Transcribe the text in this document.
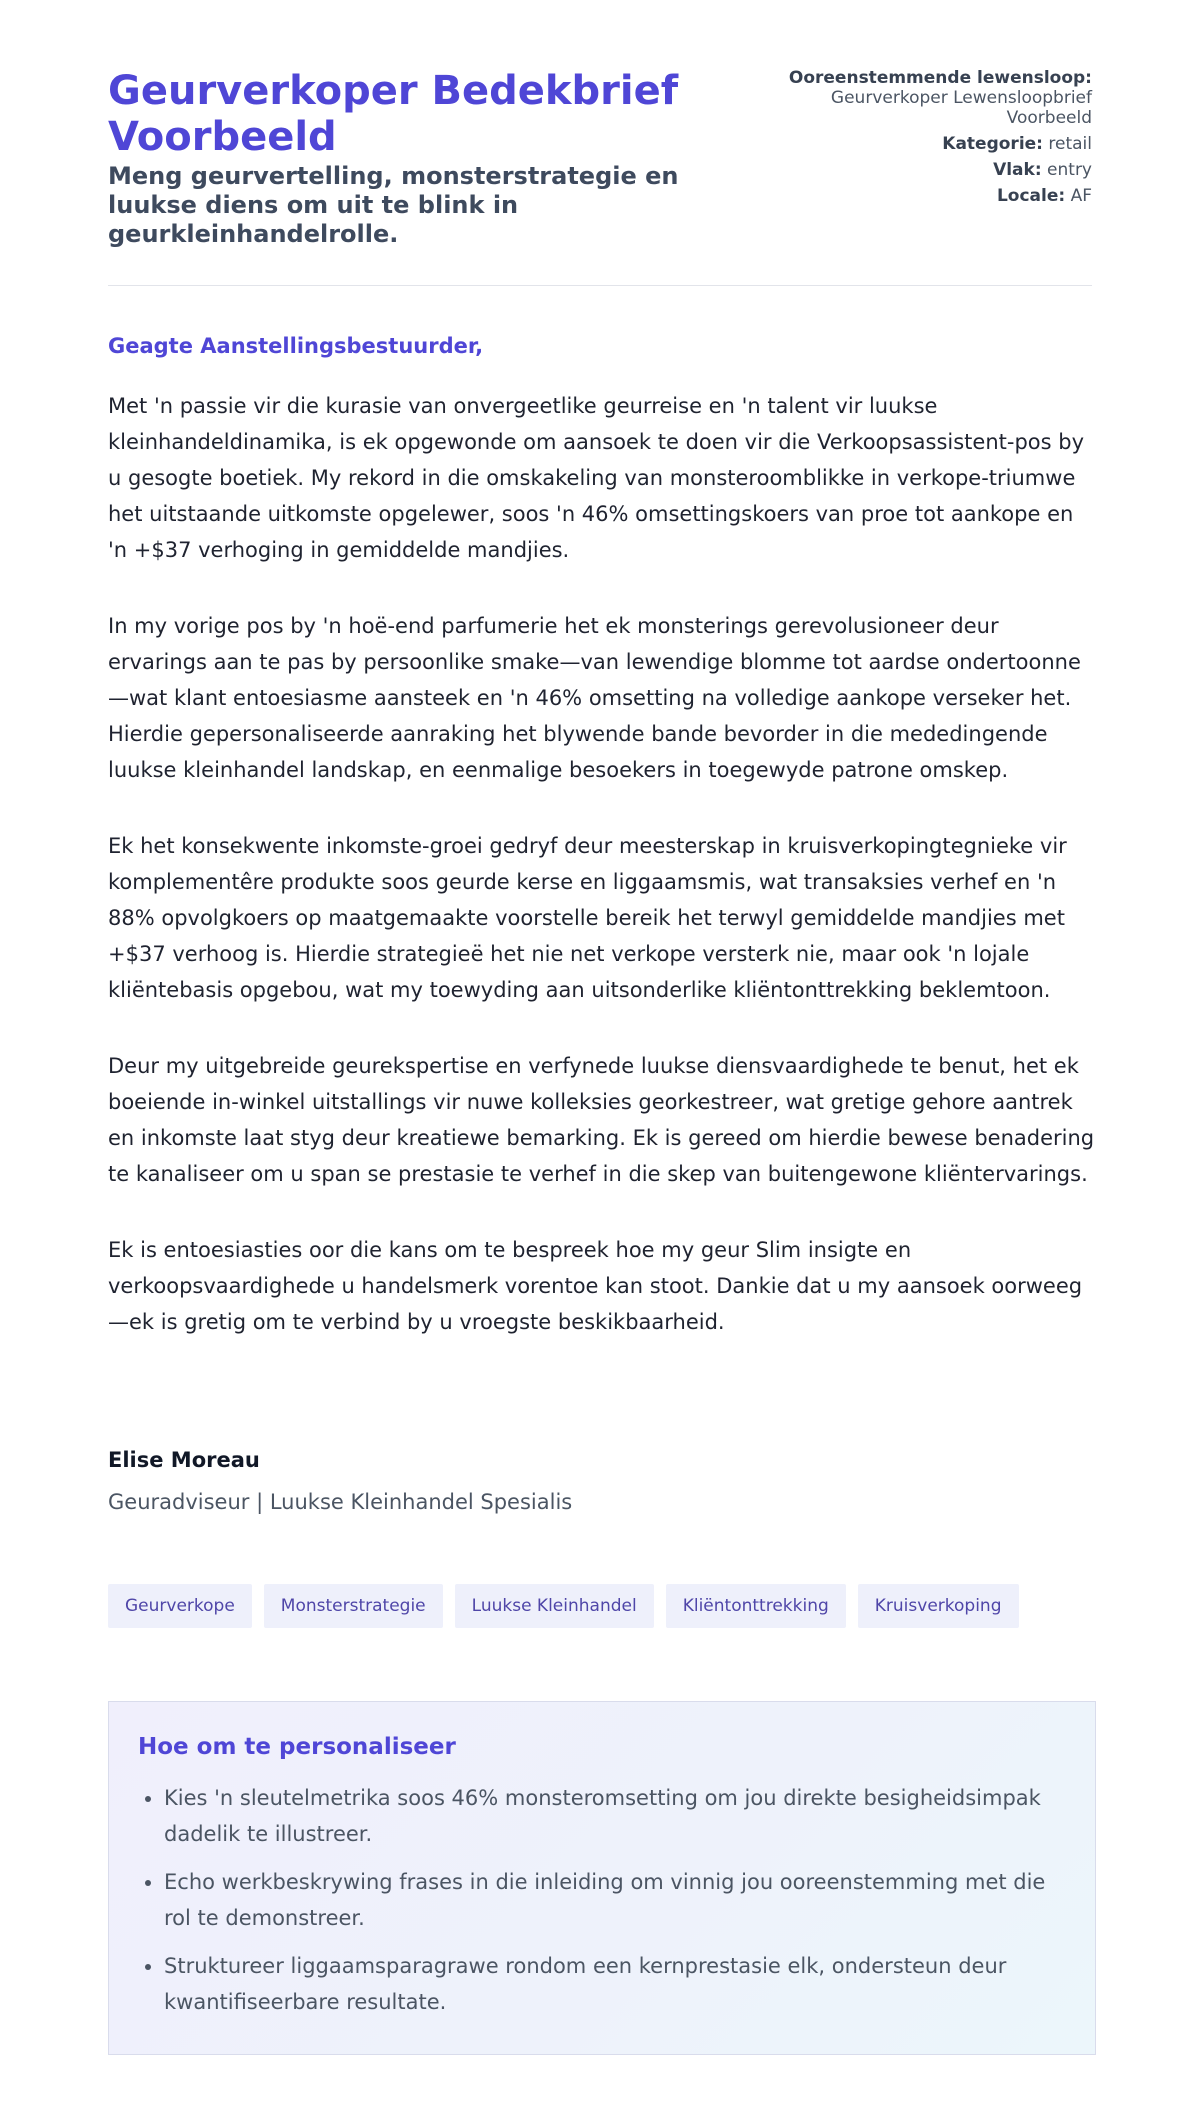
Geurverkoper Bedekbrief Voorbeeld
Meng geurvertelling, monsterstrategie en luukse diens om uit te blink in geurkleinhandelrolle.
Ooreenstemmende lewensloop:
Geurverkoper Lewensloopbrief Voorbeeld
Kategorie: retail
Vlak: entry
Locale: AF
Geagte Aanstellingsbestuurder,

Met 'n passie vir die kurasie van onvergeetlike geurreise en 'n talent vir luukse kleinhandeldinamika, is ek opgewonde om aansoek te doen vir die Verkoopsassistent-pos by u gesogte boetiek. My rekord in die omskakeling van monsteroomblikke in verkope-triumwe het uitstaande uitkomste opgelewer, soos 'n 46% omsettingskoers van proe tot aankope en 'n +$37 verhoging in gemiddelde mandjies.

In my vorige pos by 'n hoë-end parfumerie het ek monsterings gerevolusioneer deur ervarings aan te pas by persoonlike smake—van lewendige blomme tot aardse ondertoonne—wat klant entoesiasme aansteek en 'n 46% omsetting na volledige aankope verseker het. Hierdie gepersonaliseerde aanraking het blywende bande bevorder in die mededingende luukse kleinhandel landskap, en eenmalige besoekers in toegewyde patrone omskep.

Ek het konsekwente inkomste-groei gedryf deur meesterskap in kruisverkopingtegnieke vir komplementêre produkte soos geurde kerse en liggaamsmis, wat transaksies verhef en 'n 88% opvolgkoers op maatgemaakte voorstelle bereik het terwyl gemiddelde mandjies met +$37 verhoog is. Hierdie strategieë het nie net verkope versterk nie, maar ook 'n lojale kliëntebasis opgebou, wat my toewyding aan uitsonderlike kliëntonttrekking beklemtoon.

Deur my uitgebreide geurekspertise en verfynede luukse diensvaardighede te benut, het ek boeiende in-winkel uitstallings vir nuwe kolleksies georkestreer, wat gretige gehore aantrek en inkomste laat styg deur kreatiewe bemarking. Ek is gereed om hierdie bewese benadering te kanaliseer om u span se prestasie te verhef in die skep van buitengewone kliëntervarings.

Ek is entoesiasties oor die kans om te bespreek hoe my geur Slim insigte en verkoopsvaardighede u handelsmerk vorentoe kan stoot. Dankie dat u my aansoek oorweeg—ek is gretig om te verbind by u vroegste beskikbaarheid.

Elise Moreau
Geuradviseur | Luukse Kleinhandel Spesialis
Geurverkope	Monsterstrategie	Luukse Kleinhandel	Kliëntonttrekking	Kruisverkoping
Hoe om te personaliseer
• Kies 'n sleutelmetrika soos 46% monsteromsetting om jou direkte besigheidsimpak dadelik te illustreer.
• Echo werkbeskrywing frases in die inleiding om vinnig jou ooreenstemming met die rol te demonstreer.
• Struktureer liggaamsparagrawe rondom een kernprestasie elk, ondersteun deur kwantifiseerbare resultate.
